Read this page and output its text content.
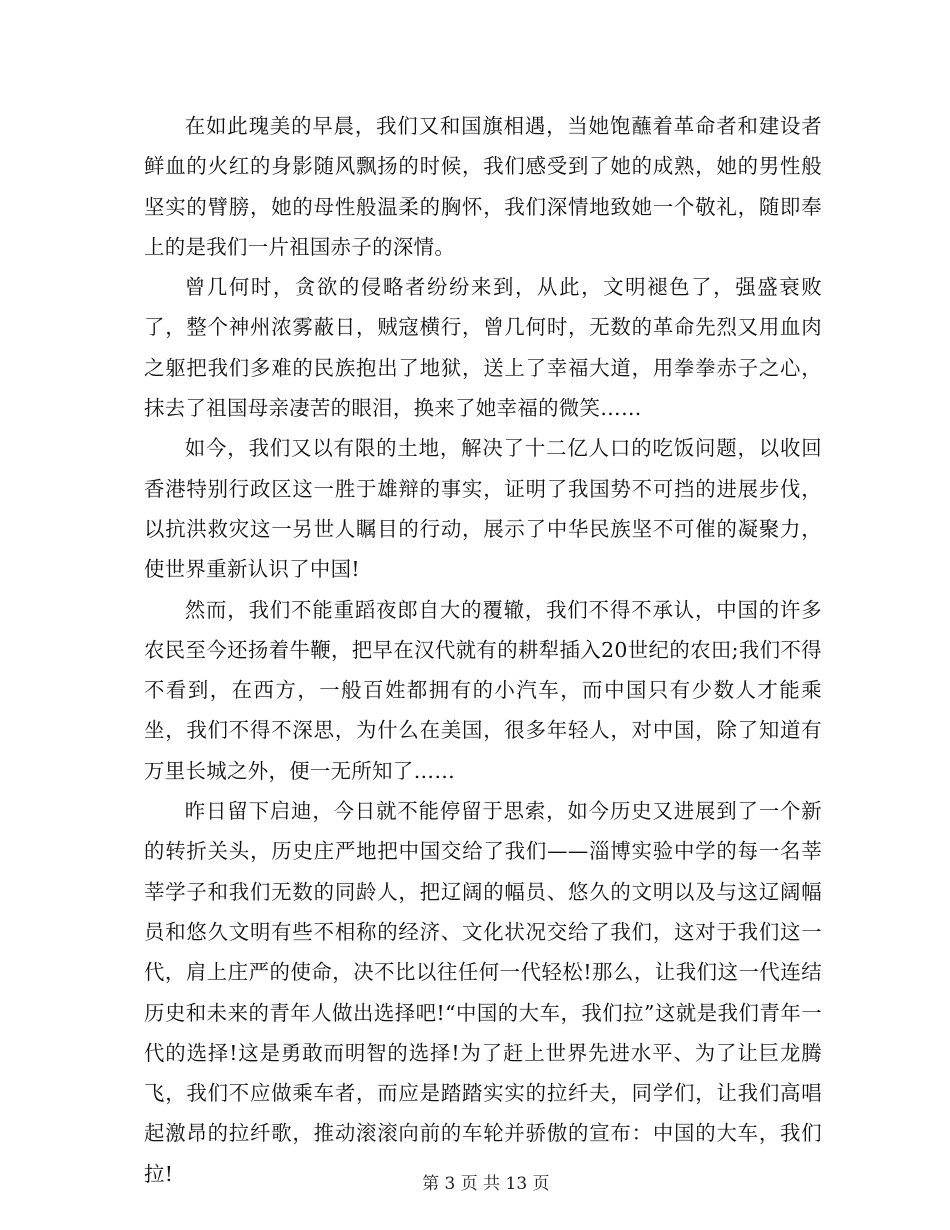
在如此瑰美的早晨，我们又和国旗相遇，当她饱蘸着革命者和建设者鲜血的火红的身影随风飘扬的时候，我们感受到了她的成熟，她的男性般坚实的臂膀，她的母性般温柔的胸怀，我们深情地致她一个敬礼，随即奉上的是我们一片祖国赤子的深情。

曾几何时，贪欲的侵略者纷纷来到，从此，文明褪色了，强盛衰败了，整个神州浓雾蔽日，贼寇横行，曾几何时，无数的革命先烈又用血肉之躯把我们多难的民族抱出了地狱，送上了幸福大道，用拳拳赤子之心，抹去了祖国母亲凄苦的眼泪，换来了她幸福的微笑……

如今，我们又以有限的土地，解决了十二亿人口的吃饭问题，以收回香港特别行政区这一胜于雄辩的事实，证明了我国势不可挡的进展步伐，以抗洪救灾这一另世人瞩目的行动，展示了中华民族坚不可催的凝聚力，使世界重新认识了中国!

然而，我们不能重蹈夜郎自大的覆辙，我们不得不承认，中国的许多农民至今还扬着牛鞭，把早在汉代就有的耕犁插入20世纪的农田;我们不得不看到，在西方，一般百姓都拥有的小汽车，而中国只有少数人才能乘坐，我们不得不深思，为什么在美国，很多年轻人，对中国，除了知道有万里长城之外，便一无所知了……

昨日留下启迪，今日就不能停留于思索，如今历史又进展到了一个新的转折关头，历史庄严地把中国交给了我们——淄博实验中学的每一名莘莘学子和我们无数的同龄人，把辽阔的幅员、悠久的文明以及与这辽阔幅员和悠久文明有些不相称的经济、文化状况交给了我们，这对于我们这一代，肩上庄严的使命，决不比以往任何一代轻松!那么，让我们这一代连结历史和未来的青年人做出选择吧!“中国的大车，我们拉”这就是我们青年一代的选择!这是勇敢而明智的选择!为了赶上世界先进水平、为了让巨龙腾飞，我们不应做乘车者，而应是踏踏实实的拉纤夫，同学们，让我们高唱起激昂的拉纤歌，推动滚滚向前的车轮并骄傲的宣布：中国的大车，我们拉!	第 3 页 共 13 页
